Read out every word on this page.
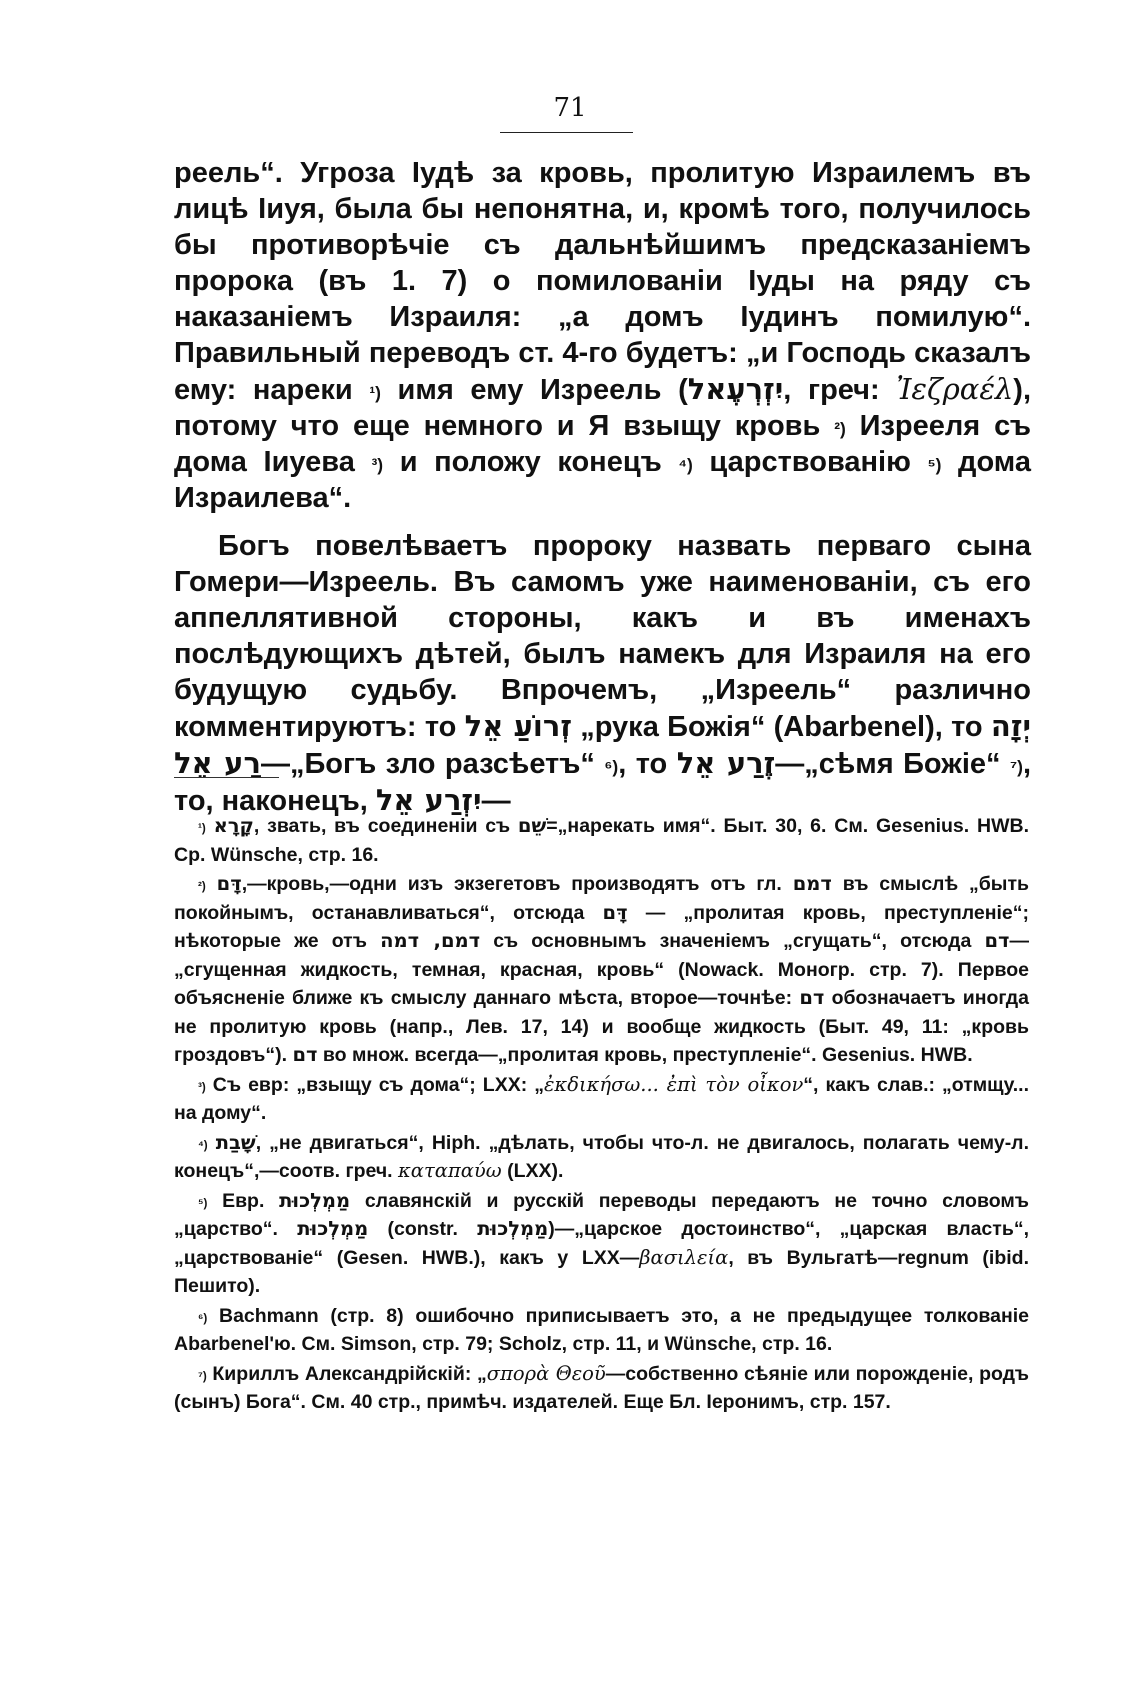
71

реель“. Угроза Іудѣ за кровь, пролитую Израилемъ въ лицѣ Іиуя, была бы непонятна, и, кромѣ того, получилось бы противорѣчіе съ дальнѣйшимъ предсказаніемъ пророка (въ 1. 7) о помилованіи Іуды на ряду съ наказаніемъ Израиля: „а домъ Іудинъ помилую“. Правильный переводъ ст. 4-го будетъ: „и Господь сказалъ ему: нареки $^{^1)}$ имя ему Изреель (יִזְרְעֶאל, греч: Ἰεζραέλ), потому что еще немного и Я взыщу кровь $^{^2)}$ Изрееля съ дома Іиуева $^{^3)}$ и положу конецъ $^{^4)}$ царствованію $^{^5)}$ дома Израилева“.

Богъ повелѣваетъ пророку назвать перваго сына Гомери—Изреель. Въ самомъ уже наименованіи, съ его аппеллятивной стороны, какъ и въ именахъ послѣдующихъ дѣтей, былъ намекъ для Израиля на его будущую судьбу. Впрочемъ, „Изреель“ различно комментируютъ: то זְרוֹעַ אֵל „рука Божія“ (Abarbenel), то יְזָה רַע אֵל—„Богъ зло разсѣетъ“ $^{^6)}$, то זֶרַע אֵל—„сѣмя Божіе“ $^{^7)}$, то, наконецъ, יִזְרַע אֵל—

$^{^1)}$ קָרָא, звать, въ соединеніи съ שֵׁם=„нарекать имя“. Быт. 30, 6. См. Gesenius. HWB. Ср. Wünsche, стр. 16.

$^{^2)}$ דָּם,—кровь,—одни изъ экзегетовъ производятъ отъ гл. דמם въ смыслѣ „быть покойнымъ, останавливаться“, отсюда דָּם — „пролитая кровь, преступленіе“; нѣкоторые же отъ דמם, דמה съ основнымъ значеніемъ „сгущать“, отсюда דם—„сгущенная жидкость, темная, красная, кровь“ (Nowack. Моногр. стр. 7). Первое объясненіе ближе къ смыслу даннаго мѣста, второе—точнѣе: דם обозначаетъ иногда не пролитую кровь (напр., Лев. 17, 14) и вообще жидкость (Быт. 49, 11: „кровь гроздовъ“). דם во множ. всегда—„пролитая кровь, преступленіе“. Gesenius. HWB.

$^{^3)}$ Съ евр: „взыщу съ дома“; LXX: „ἐκδικήσω... ἐπὶ τὸν οἶκον“, какъ слав.: „отмщу... на дому“.

$^{^4)}$ שָׁבַת, „не двигаться“, Hiph. „дѣлать, чтобы что-л. не двигалось, полагать чему-л. конецъ“,—соотв. греч. καταπαύω (LXX).

$^{^5)}$ Евр. מַמְלְכוּת славянскій и русскій переводы передаютъ не точно словомъ „царство“. מַמְלְכוּת (constr. מַמְלְכוּת)—„царское достоинство“, „царская власть“, „царствованіе“ (Gesen. HWB.), какъ у LXX—βασιλεία, въ Вульгатѣ—regnum (ibid. Пешито).

$^{^6)}$ Bachmann (стр. 8) ошибочно приписываетъ это, а не предыдущее толкованіе Abarbenel'ю. См. Simson, стр. 79; Scholz, стр. 11, и Wünsche, стр. 16.

$^{^7)}$ Кириллъ Александрійскій: „σπορὰ Θεοῦ—собственно сѣяніе или порожденіе, родъ (сынъ) Бога“. См. 40 стр., примѣч. издателей. Еще Бл. Іеронимъ, стр. 157.
